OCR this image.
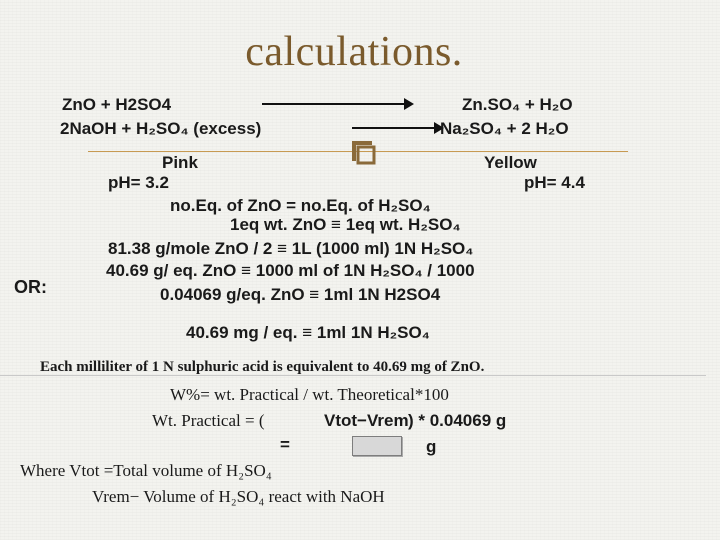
calculations.
ZnO + H2SO4	Zn.SO₄ + H₂O
2NaOH + H₂SO₄ (excess)	Na₂SO₄ + 2 H₂O
Pink	Yellow
pH= 3.2	pH= 4.4
no.Eq. of ZnO = no.Eq. of H₂SO₄
1eq wt. ZnO ≡ 1eq wt. H₂SO₄
81.38 g/mole ZnO / 2 ≡ 1L (1000 ml) 1N H₂SO₄
40.69 g/ eq. ZnO ≡ 1000 ml of 1N H₂SO₄ / 1000
0.04069 g/eq. ZnO ≡ 1ml 1N H2SO4
OR:
40.69 mg / eq. ≡ 1ml 1N H₂SO₄
Each milliliter of 1 N sulphuric acid is equivalent to 40.69 mg of ZnO.
W%= wt. Practical / wt. Theoretical*100
Wt. Practical = (	Vtot−Vrem ) * 0.04069 g
=	g
Where Vtot =Total volume of H₂SO₄
Vrem− Volume of H₂SO₄ react with NaOH
